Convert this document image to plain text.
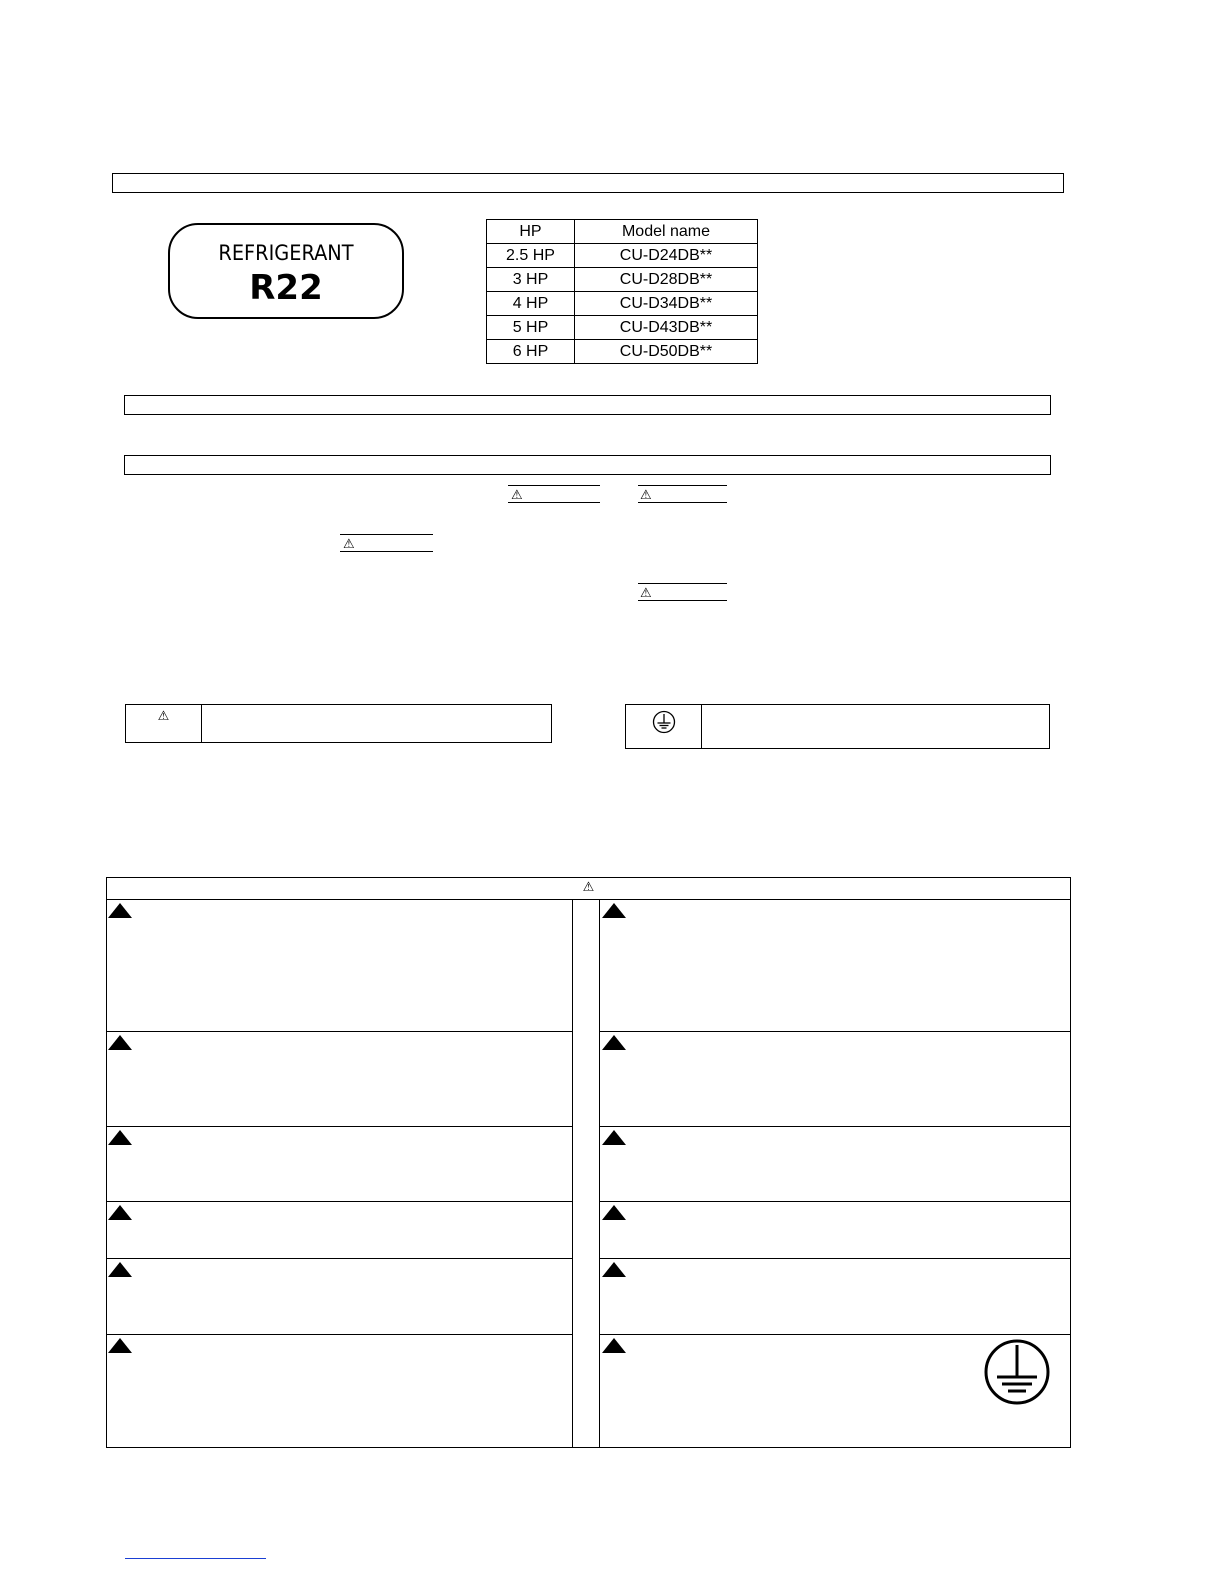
REFRIGERANT
R22
HP	Model name
2.5 HP	CU-D24DB**
3 HP	CU-D28DB**
4 HP	CU-D34DB**
5 HP	CU-D43DB**
6 HP	CU-D50DB**
⚠	⚠
⚠
⚠
⚠
⚠
